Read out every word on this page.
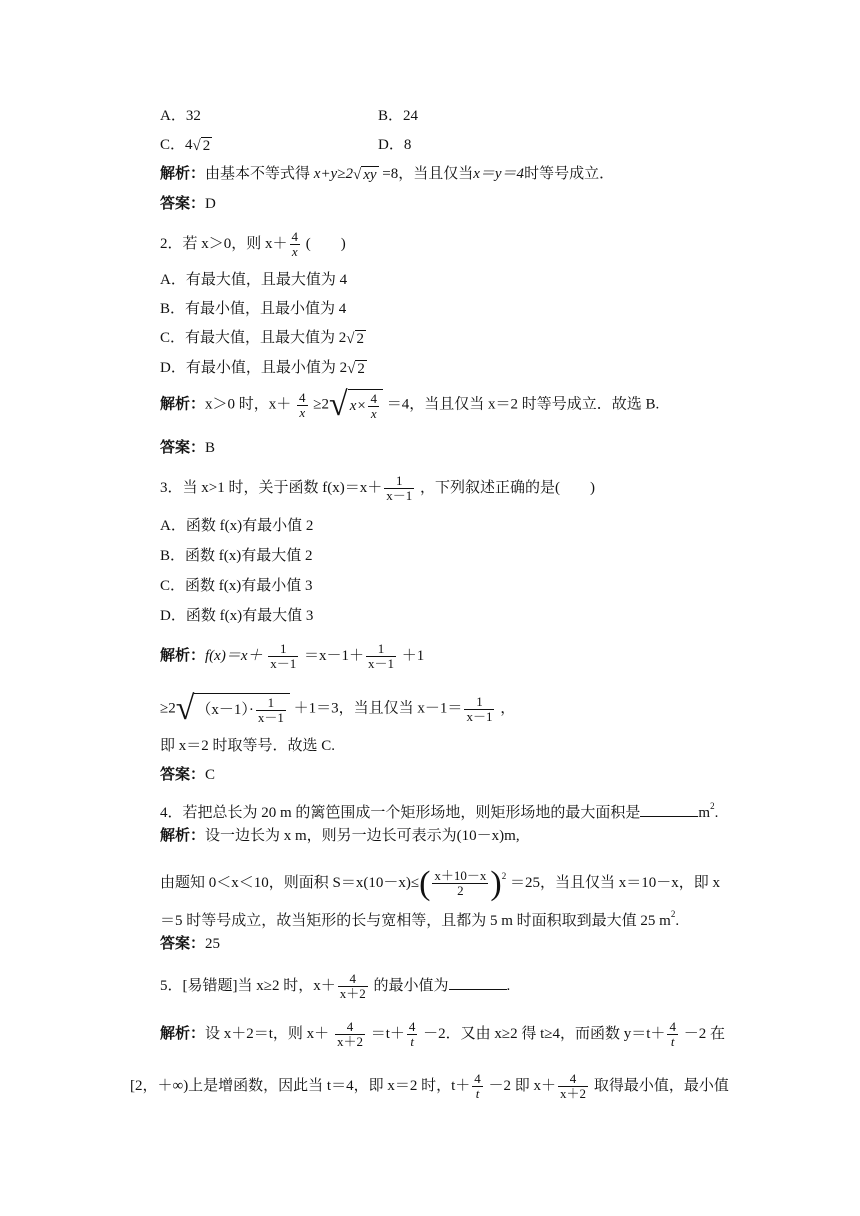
A．32	B．24
C．4√ 2	D．8
解析：由基本不等式得 x+y≥2√ xy =8，当且仅当x＝y＝4时等号成立．
答案：D
2．若 x＞0，则 $x+ \frac{4}{x}$ (　　)
A．有最大值，且最大值为 4
B．有最小值，且最小值为 4
C．有最大值，且最大值为 2√ 2
D．有最小值，且最小值为 2√ 2
解析：x＞0 时，$x+ \frac{4}{x} \ge 2√$ $x\times \frac{4}{x} =4$，当且仅当 x＝2 时等号成立．故选 B.
答案：B
3．当 x>1 时，关于函数 $f(x)=x+ \frac{1}{x-1}$ ，下列叙述正确的是(　　)
A．函数 f(x)有最小值 2
B．函数 f(x)有最大值 2
C．函数 f(x)有最小值 3
D．函数 f(x)有最大值 3
解析：$f(x)=x+ \frac{1}{x-1} =x-1+ \frac{1}{x-1} +1$
≥2√ $(x-1)\cdot \frac{1}{x-1} +1=3$，当且仅当 $x-1= \frac{1}{x-1}$ ，
即 x＝2 时取等号．故选 C.
答案：C
4．若把总长为 20 m 的篱笆围成一个矩形场地，则矩形场地的最大面积是	$m^2$.
解析：设一边长为 x m，则另一边长可表示为(10－x)m,
由题知 0＜x＜10，则面积 $S=x(10-x)\le( \frac{x+10-x}{2} )^2 =25$，当且仅当 x＝10－x，即 x
＝5 时等号成立，故当矩形的长与宽相等，且都为 5 m 时面积取到最大值 25 $m^2$.
答案：25
5．[易错题]当 x≥2 时，$x+ \frac{4}{x+2}$ 的最小值为	.
解析：设 x＋2＝t，则 $x+ \frac{4}{x+2} =t+ \frac{4}{t} -2$．又由 x≥2 得 t≥4，而函数 $y=t+ \frac{4}{t} -2$ 在
[2，＋∞)上是增函数，因此当 t＝4，即 x＝2 时，$t+ \frac{4}{t} -2$ 即 $x+ \frac{4}{x+2}$ 取得最小值，最小值
